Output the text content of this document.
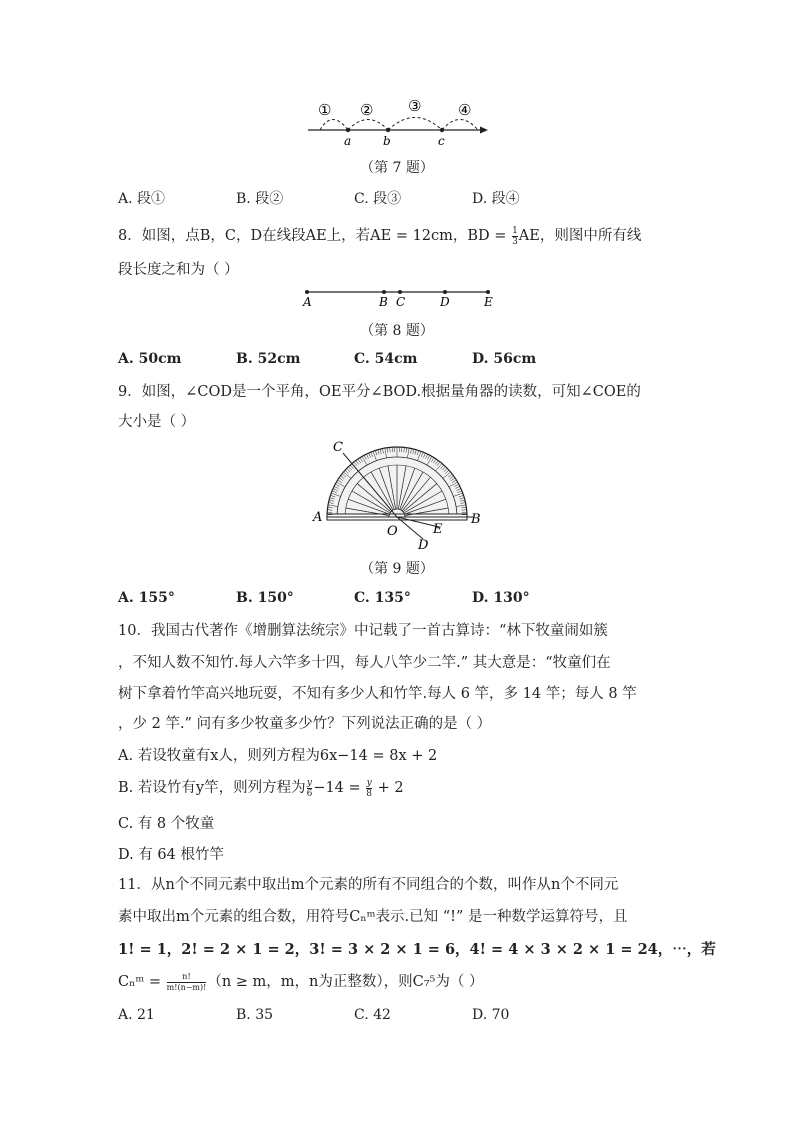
① ② ③ ④
a	b	c
（第 7 题）
A. 段①	B. 段②	C. 段③	D. 段④
8．如图，点B，C，D在线段AE上，若AE = 12cm，BD = $\frac{1}{3}$ AE，则图中所有线
段长度之和为（ ）
A	B C	D	E
（第 8 题）
A. 50cm	B. 52cm	C. 54cm	D. 56cm
9．如图，∠COD是一个平角，OE平分∠BOD.根据量角器的读数，可知∠COE的
大小是（ ）
C
A
O	E
D
B
（第 9 题）
A. 155°	B. 150°	C. 135°	D. 130°
10．我国古代著作《增删算法统宗》中记载了一首古算诗：“林下牧童闹如簇
，不知人数不知竹.每人六竿多十四，每人八竿少二竿.” 其大意是：“牧童们在
树下拿着竹竿高兴地玩耍，不知有多少人和竹竿.每人 6 竿，多 14 竿；每人 8 竿
，少 2 竿.” 问有多少牧童多少竹？下列说法正确的是（ ）
A. 若设牧童有x人，则列方程为6x−14 = 8x + 2
B. 若设竹有y竿，则列方程为 $\frac{y}{6} -14 = \frac{y}{8} + 2$
C. 有 8 个牧童
D. 有 64 根竹竿
11．从n个不同元素中取出m个元素的所有不同组合的个数，叫作从n个不同元
素中取出m个元素的组合数，用符号Cₙᵐ表示.已知 “!” 是一种数学运算符号，且
1! = 1，2! = 2 × 1 = 2，3! = 3 × 2 × 1 = 6，4! = 4 × 3 × 2 × 1 = 24，⋯，若
Cₙᵐ = $\frac{n!}{m!(n-m)!} (n \ge m$，m，n为正整数），则C₇⁵为（ ）
A. 21	B. 35	C. 42	D. 70
